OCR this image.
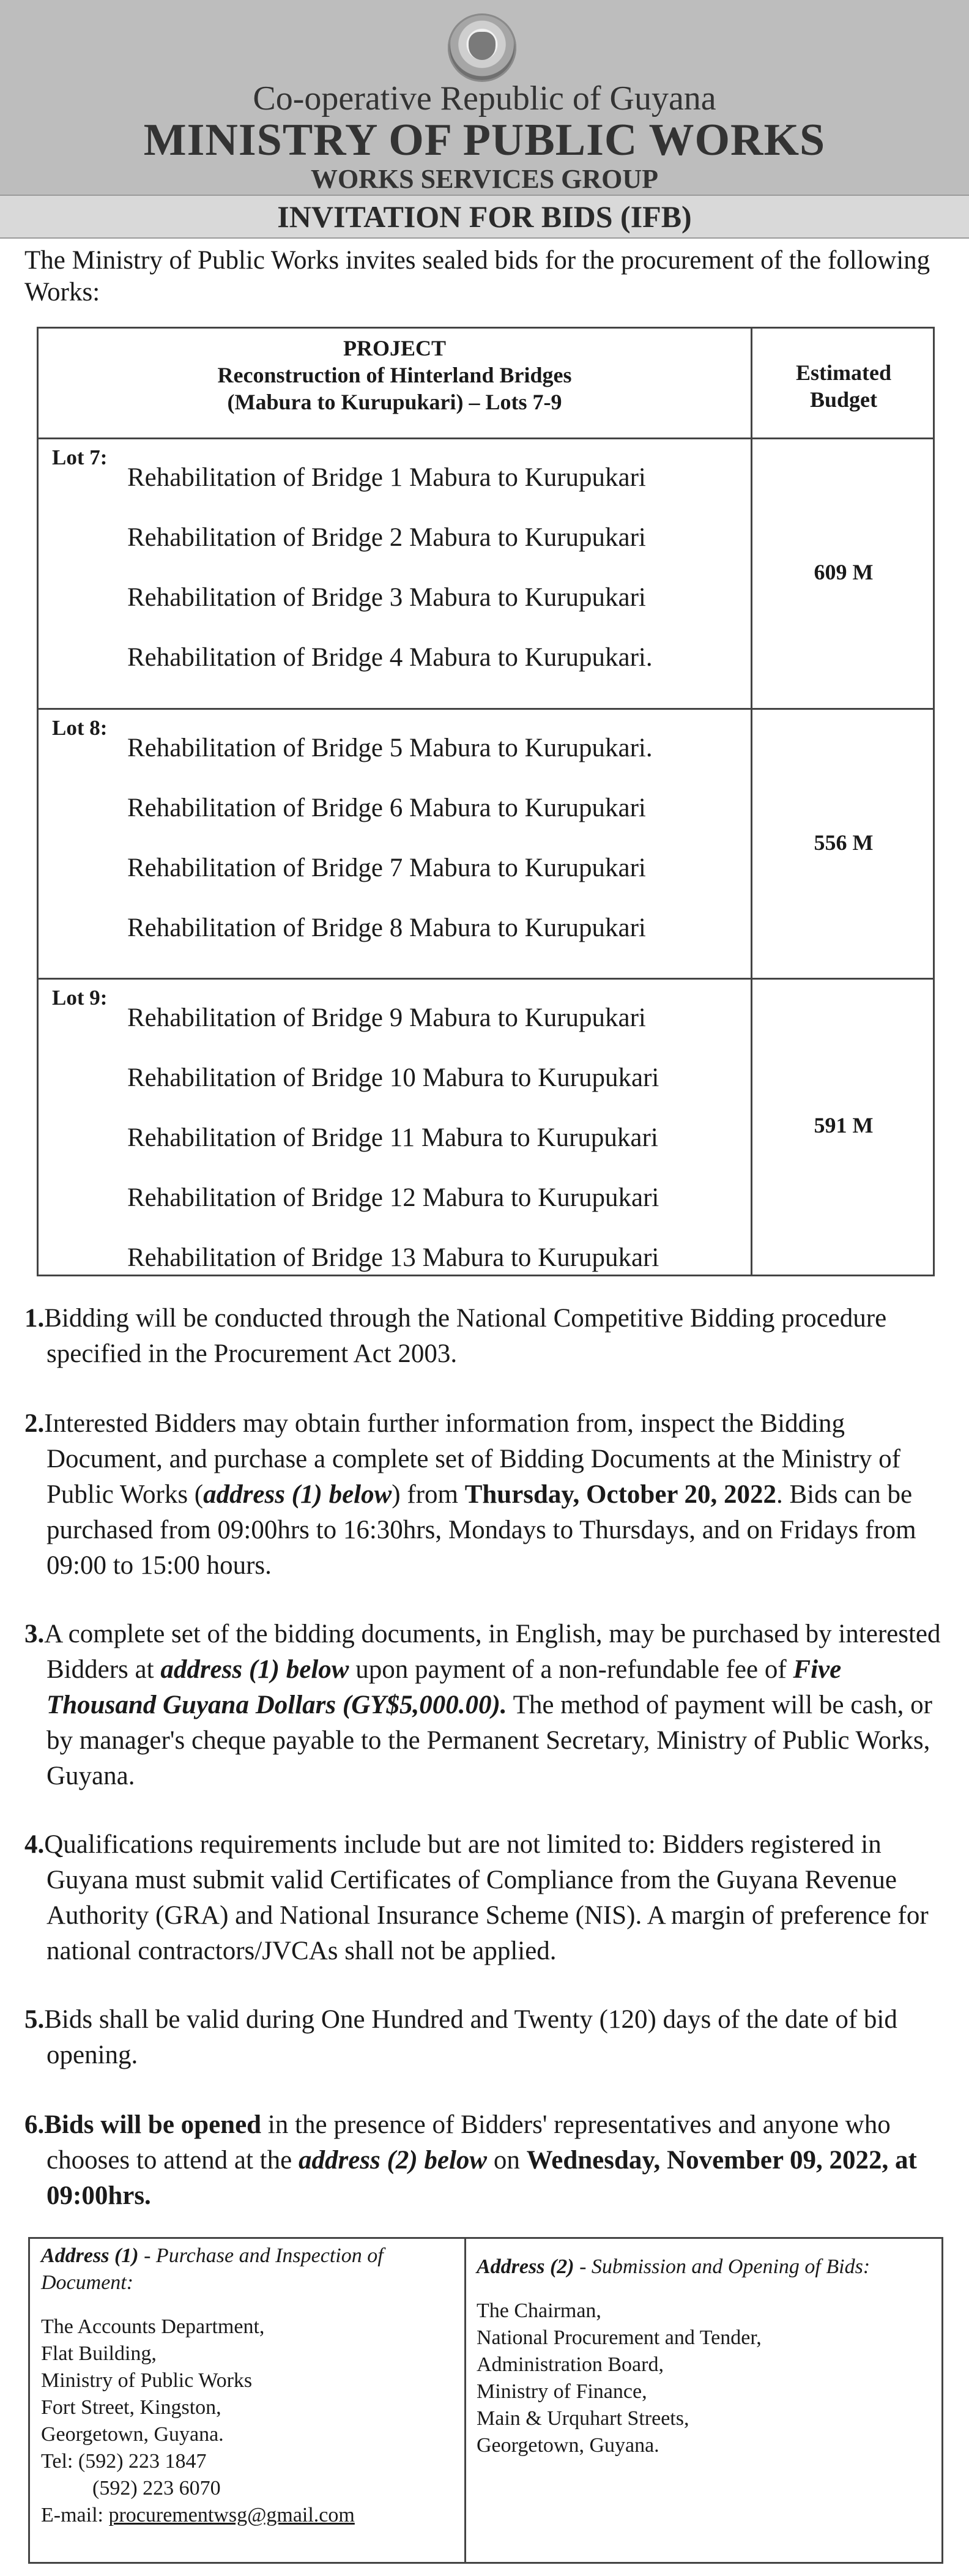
Co-operative Republic of Guyana
MINISTRY OF PUBLIC WORKS
WORKS SERVICES GROUP
INVITATION FOR BIDS (IFB)
The Ministry of Public Works invites sealed bids for the procurement of the following Works:
PROJECT
Reconstruction of Hinterland Bridges
(Mabura to Kurupukari) – Lots 7-9
Estimated
Budget
Lot 7:
Rehabilitation of Bridge 1 Mabura to Kurupukari
Rehabilitation of Bridge 2 Mabura to Kurupukari
Rehabilitation of Bridge 3 Mabura to Kurupukari
Rehabilitation of Bridge 4 Mabura to Kurupukari.
609 M
Lot 8:
Rehabilitation of Bridge 5 Mabura to Kurupukari.
Rehabilitation of Bridge 6 Mabura to Kurupukari
Rehabilitation of Bridge 7 Mabura to Kurupukari
Rehabilitation of Bridge 8 Mabura to Kurupukari
556 M
Lot 9:
Rehabilitation of Bridge 9 Mabura to Kurupukari
Rehabilitation of Bridge 10 Mabura to Kurupukari
Rehabilitation of Bridge 11 Mabura to Kurupukari
Rehabilitation of Bridge 12 Mabura to Kurupukari
Rehabilitation of Bridge 13 Mabura to Kurupukari
591 M
1.Bidding will be conducted through the National Competitive Bidding procedure specified in the Procurement Act 2003.
2.Interested Bidders may obtain further information from, inspect the Bidding Document, and purchase a complete set of Bidding Documents at the Ministry of Public Works (address (1) below) from Thursday, October 20, 2022. Bids can be purchased from 09:00hrs to 16:30hrs, Mondays to Thursdays, and on Fridays from 09:00 to 15:00 hours.
3.A complete set of the bidding documents, in English, may be purchased by interested Bidders at address (1) below upon payment of a non-refundable fee of Five Thousand Guyana Dollars (GY$5,000.00). The method of payment will be cash, or by manager's cheque payable to the Permanent Secretary, Ministry of Public Works, Guyana.
4.Qualifications requirements include but are not limited to: Bidders registered in Guyana must submit valid Certificates of Compliance from the Guyana Revenue Authority (GRA) and National Insurance Scheme (NIS). A margin of preference for national contractors/JVCAs shall not be applied.
5.Bids shall be valid during One Hundred and Twenty (120) days of the date of bid opening.
6.Bids will be opened in the presence of Bidders' representatives and anyone who chooses to attend at the address (2) below on Wednesday, November 09, 2022, at 09:00hrs.
Address (1) - Purchase and Inspection of Document:
The Accounts Department,
Flat Building,
Ministry of Public Works
Fort Street, Kingston,
Georgetown, Guyana.
Tel: (592) 223 1847
(592) 223 6070
E-mail: procurementwsg@gmail.com
Address (2) - Submission and Opening of Bids:
The Chairman,
National Procurement and Tender,
Administration Board,
Ministry of Finance,
Main & Urquhart Streets,
Georgetown, Guyana.
